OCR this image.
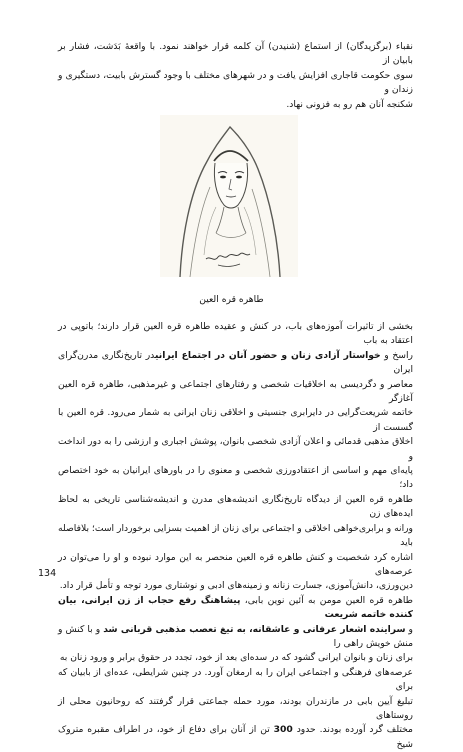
نقباء (برگزیدگان) از استماع (شنیدن) آن کلمه قرار خواهند نمود. با واقعهٔ بَدَشت، فشار بر بابیان از

سوی حکومت قاجاری افزایش یافت و در شهرهای مختلف با وجود گسترش بابیت، دستگیری و زندان و

شکنجه آنان هم رو به فزونی نهاد.

طاهره قره العین

بخشی از تاثیرات آموزه‌های باب، در کنش و عقیده طاهره قره العین قرار دارند؛ باتوپی در اعتقاد به باب

راسخ و خواستار آزادی زنان و حضور آنان در اجتماع ایرانیدر تاریخ‌نگاری مدرن‌گرای ایران

معاصر و دگردیسی به اخلاقیات شخصی و رفتارهای اجتماعی و غیرمذهبی، طاهره قره العین آغازگر

خاتمه شریعت‌گرایی در دایرابری جنسیتی و اخلاقی زنان ایرانی به شمار می‌رود. قره العین با گسست از

اخلاق مذهبی قدمائی و اعلان آزادی شخصی بانوان، پوشش اجباری و ارزشی را به دور انداخت و

پایه‌ای مهم و اساسی از اعتقادورزی شخصی و معنوی را در باورهای ایرانیان به خود اختصاص داد؛

طاهره قره العین از دیدگاه تاریخ‌نگاری اندیشه‌های مدرن و اندیشه‌شناسی تاریخی به لحاظ ایده‌های زن

ورانه و برابری‌خواهی اخلاقی و اجتماعی برای زنان از اهمیت بسزایی برخوردار است؛ بلافاصله باید

اشاره کرد شخصیت و کنش طاهره قره العین منحصر به این موارد نبوده و او را می‌توان در عرصه‌های

دین‌ورزی، دانش‌آموزی، جسارت زنانه و زمینه‌های ادبی و نوشتاری مورد توجه و تأمل قرار داد.

طاهره قره العین مومن به آئین نوین بابی، پیشاهنگ رفع حجاب از زن ایرانی، بیان کننده خاتمه شریعت

و سراینده اشعار عرفانی و عاشقانه، به تیغ تعصب مذهبی قربانی شد و با کنش و منش خویش راهی را

برای زنان و بانوان ایرانی گشود که در سده‌ای بعد از خود، تجدد در حقوق برابر و ورود زنان به

عرصه‌های فرهنگی و اجتماعی ایران را به ارمغان آورد. در چنین شرایطی، عده‌ای از بابیان که برای

تبلیغ آیین بابی در مازندران بودند، مورد حمله جماعتی قرار گرفتند که روحانیون محلی از روستاهای

مختلف گرد آورده بودند. حدود 300 تن از آنان برای دفاع از خود، در اطراف مقبره متروک شیخ

134
